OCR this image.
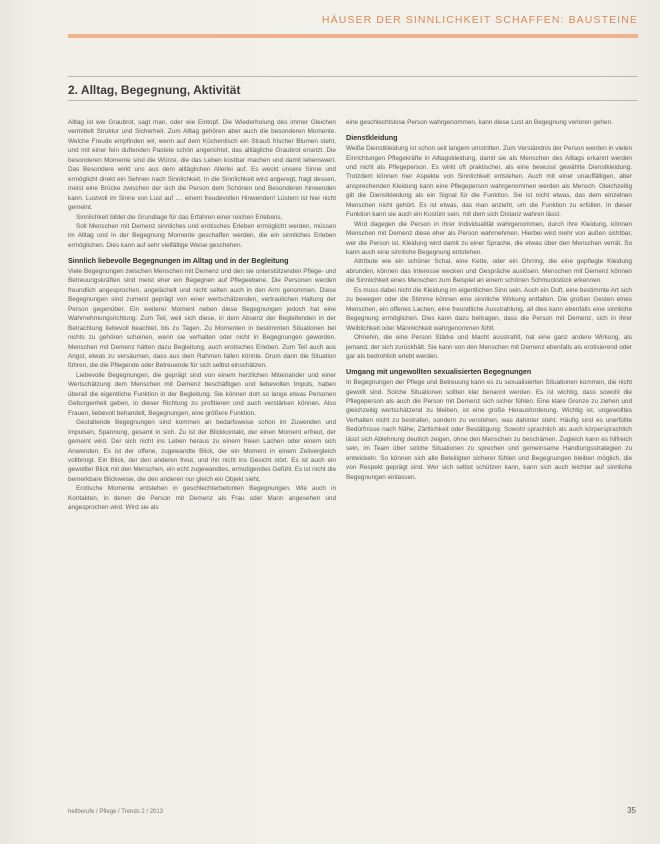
HÄUSER DER SINNLICHKEIT SCHAFFEN: BAUSTEINE
2. Alltag, Begegnung, Aktivität

Alltag ist wie Graubrot, sagt man, oder wie Eintopf. Die Wiederholung des immer Gleichen vermittelt Struktur und Sicherheit. Zum Alltag gehören aber auch die besonderen Momente. Welche Freude empfinden wir, wenn auf dem Küchentisch ein Strauß frischer Blumen steht, und mit einer fein duftenden Pastete schön angerichtet, das alltägliche Graubrot ersetzt. Die besonderen Momente sind die Würze, die das Leben kostbar machen und damit lebenswert. Das Besondere wirkt uns aus dem alltäglichen Allerlei auf. Es weckt unsere Sinne und ermöglicht direkt ein Sehnen nach Sinnlichkeit. In die Sinnlichkeit wird angeregt, fragt dessen, meist eine Brücke zwischen der sich die Person dem Schönen und Besonderen hinwenden kann. Lustvoll im Sinne von Lust auf ..., einem freudevollen Hinwenden! Lüstern ist hier nicht gemeint.

Sinnlichkeit bildet die Grundlage für das Erfahren einer reichen Erlebens.

Soll Menschen mit Demenz sinnliches und erotisches Erleben ermöglicht werden, müssen im Alltag und in der Begegnung Momente geschaffen werden, die ein sinnliches Erleben ermöglichen. Dies kann auf sehr vielfältige Weise geschehen.

Sinnlich liebevolle Begegnungen im Alltag und in der Begleitung

Viele Begegnungen zwischen Menschen mit Demenz und den sie unterstützenden Pflege- und Betreuungskräften sind meist eher ein Begegnen auf Pflegeebene. Die Personen werden freundlich angesprochen, angelächelt und nicht selten auch in den Arm genommen. Diese Begegnungen sind zumeist geprägt von einer wertschätzenden, vertraulichen Haltung der Person gegenüber. Ein weiterer Moment neben diese Begegnungen jedoch hat eine Wahrnehmungsrichtung: Zum Teil, weil sich diese, in dem Absenz der Begleitenden in der Betrachtung liebevoll beachtet, bis zu Tagen. Zu Momenten in bestimmten Situationen bei nichts zu gehören scheinen, wenn sie verhalten oder nicht in Begegnungen geworden. Menschen mit Demenz hätten dazu Begleitung, auch erotisches Erleben. Zum Teil auch aus Angst, etwas zu versäumen, dass aus dem Rahmen fallen könnte. Drum dann die Situation führen, die die Pflegende oder Betreuende für sich selbst einschätzen.

Liebevolle Begegnungen, die geprägt sind von einem herzlichen Miteinander und einer Wertschätzung dem Menschen mit Demenz beschäftigen und liebevollen Impuls, haben überall die eigentliche Funktion in der Begleitung. Sie können dort so lange etwas Personen Geborgenheit geben, in dieser Richtung zu profitieren und auch verstärken können. Also Frauen, liebevoll behandelt, Begegnungen, eine größere Funktion.

Gestaltende Begegnungen sind kommen an bedarfsweise schon im Zuwenden und Impulsen, Spannung, gesamt in sich. Zu ist der Blickkontakt, der einen Moment erfreut, der gemeint wird. Der sich nicht ins Leben heraus zu einem freien Lachen oder einem sich Anwenden. Es ist der offene, zugewandte Blick, der ein Moment in einem Zeitvergleich vollbringt. Ein Blick, der den anderen freut, und ihn nicht ins Gesicht stört. Es ist auch ein gewollter Blick mit den Menschen, ein echt zugewandtes, ermutigendes Gefühl. Es ist nicht die bemerkbare Blickweise, die den anderen nur gleich ein Objekt sieht.

Erotische Momente entstehen in geschlechterbetonten Begegnungen. Wie auch in Kontakten, in denen die Person mit Demenz als Frau oder Mann angesehen und angesprochen wird. Wird sie als

eine geschlechtslose Person wahrgenommen, kann diese Lust an Begegnung verloren gehen.

Dienstkleidung

Weiße Dienstkleidung ist schon seit langem umstritten. Zum Verständnis der Person werden in vielen Einrichtungen Pflegekräfte in Alltagskleidung, damit sie als Menschen des Alltags erkannt werden und nicht als Pflegeperson. Es wirkt oft praktischer, als eine bewusst gewählte Dienstkleidung. Trotzdem können hier Aspekte von Sinnlichkeit entstehen. Auch mit einer unauffälligen, aber ansprechenden Kleidung kann eine Pflegeperson wahrgenommen werden als Mensch. Gleichzeitig gilt die Dienstkleidung als ein Signal für die Funktion. Sie ist nicht etwas, das dem einzelnen Menschen nicht gehört. Es ist etwas, das man anzieht, um die Funktion zu erfüllen. In dieser Funktion kann sie auch ein Kostüm sein, mit dem sich Distanz wahren lässt.

Wird dagegen die Person in ihrer Individualität wahrgenommen, durch ihre Kleidung, können Menschen mit Demenz diese eher als Person wahrnehmen. Hierbei wird mehr von außen sichtbar, wer die Person ist. Kleidung wird damit zu einer Sprache, die etwas über den Menschen verrät. So kann auch eine sinnliche Begegnung entstehen.

Attribute wie ein schöner Schal, eine Kette, oder ein Ohrring, die eine gepflegte Kleidung abrunden, können das Interesse wecken und Gespräche auslösen. Menschen mit Demenz können die Sinnlichkeit eines Menschen zum Beispiel an einem schönen Schmuckstück erkennen.

Es muss dabei nicht die Kleidung im eigentlichen Sinn sein. Auch ein Duft, eine bestimmte Art sich zu bewegen oder die Stimme können eine sinnliche Wirkung entfalten. Die großen Gesten eines Menschen, ein offenes Lachen, eine freundliche Ausstrahlung, all dies kann ebenfalls eine sinnliche Begegnung ermöglichen. Dies kann dazu beitragen, dass die Person mit Demenz, sich in ihrer Weiblichkeit oder Männlichkeit wahrgenommen fühlt.

Ohnehin, die eine Person Stärke und Macht ausstrahlt, hat eine ganz andere Wirkung, als jemand, der sich zurückhält. Sie kann von den Menschen mit Demenz ebenfalls als erotisierend oder gar als bedrohlich erlebt werden.

Umgang mit ungewollten sexualisierten Begegnungen

In Begegnungen der Pflege und Betreuung kann es zu sexualisierten Situationen kommen, die nicht gewollt sind. Solche Situationen sollten klar benannt werden. Es ist wichtig, dass sowohl die Pflegeperson als auch die Person mit Demenz sich sicher fühlen. Eine klare Grenze zu ziehen und gleichzeitig wertschätzend zu bleiben, ist eine große Herausforderung. Wichtig ist, ungewolltes Verhalten nicht zu bestrafen, sondern zu verstehen, was dahinter steht. Häufig sind es unerfüllte Bedürfnisse nach Nähe, Zärtlichkeit oder Bestätigung. Sowohl sprachlich als auch körpersprachlich lässt sich Ablehnung deutlich zeigen, ohne den Menschen zu beschämen. Zugleich kann es hilfreich sein, im Team über solche Situationen zu sprechen und gemeinsame Handlungsstrategien zu entwickeln. So können sich alle Beteiligten sicherer fühlen und Begegnungen bleiben möglich, die von Respekt geprägt sind. Wer sich selbst schützen kann, kann sich auch leichter auf sinnliche Begegnungen einlassen.

heilberufe / Pflege / Trends 2 / 2013	35
